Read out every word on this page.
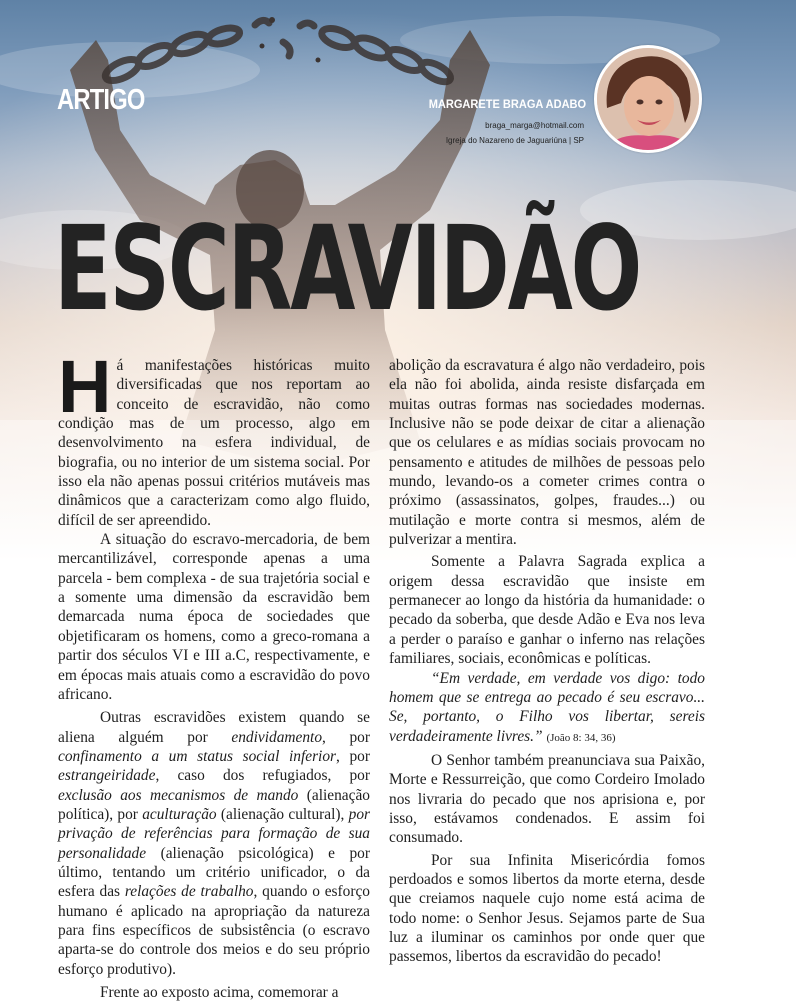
ARTIGO	MARGARETE BRAGA ADABO
braga_marga@hotmail.com
Igreja do Nazareno de Jaguariúna | SP
ESCRAVIDÃO

Há manifestações históricas muito diversificadas que nos reportam ao conceito de escravidão, não como condição mas de um processo, algo em desenvolvimento na esfera individual, de biografia, ou no interior de um sistema social. Por isso ela não apenas possui critérios mutáveis mas dinâmicos que a caracterizam como algo fluido, difícil de ser apreendido.

A situação do escravo-mercadoria, de bem mercantilizável, corresponde apenas a uma parcela - bem complexa - de sua trajetória social e a somente uma dimensão da escravidão bem demarcada numa época de sociedades que objetificaram os homens, como a greco-romana a partir dos séculos VI e III a.C, respectivamente, e em épocas mais atuais como a escravidão do povo africano.

Outras escravidões existem quando se aliena alguém por endividamento, por confinamento a um status social inferior, por estrangeiridade, caso dos refugiados, por exclusão aos mecanismos de mando (alienação política), por aculturação (alienação cultural), por privação de referências para formação de sua personalidade (alienação psicológica) e por último, tentando um critério unificador, o da esfera das relações de trabalho, quando o esforço humano é aplicado na apropriação da natureza para fins específicos de subsistência (o escravo aparta-se do controle dos meios e do seu próprio esforço produtivo).

Frente ao exposto acima, comemorar a

abolição da escravatura é algo não verdadeiro, pois ela não foi abolida, ainda resiste disfarçada em muitas outras formas nas sociedades modernas. Inclusive não se pode deixar de citar a alienação que os celulares e as mídias sociais provocam no pensamento e atitudes de milhões de pessoas pelo mundo, levando-os a cometer crimes contra o próximo (assassinatos, golpes, fraudes...) ou mutilação e morte contra si mesmos, além de pulverizar a mentira.

Somente a Palavra Sagrada explica a origem dessa escravidão que insiste em permanecer ao longo da história da humanidade: o pecado da soberba, que desde Adão e Eva nos leva a perder o paraíso e ganhar o inferno nas relações familiares, sociais, econômicas e políticas.

“Em verdade, em verdade vos digo: todo homem que se entrega ao pecado é seu escravo... Se, portanto, o Filho vos libertar, sereis verdadeiramente livres.” (João 8: 34, 36)

O Senhor também preanunciava sua Paixão, Morte e Ressurreição, que como Cordeiro Imolado nos livraria do pecado que nos aprisiona e, por isso, estávamos condenados. E assim foi consumado.

Por sua Infinita Misericórdia fomos perdoados e somos libertos da morte eterna, desde que creiamos naquele cujo nome está acima de todo nome: o Senhor Jesus. Sejamos parte de Sua luz a iluminar os caminhos por onde quer que passemos, libertos da escravidão do pecado!
